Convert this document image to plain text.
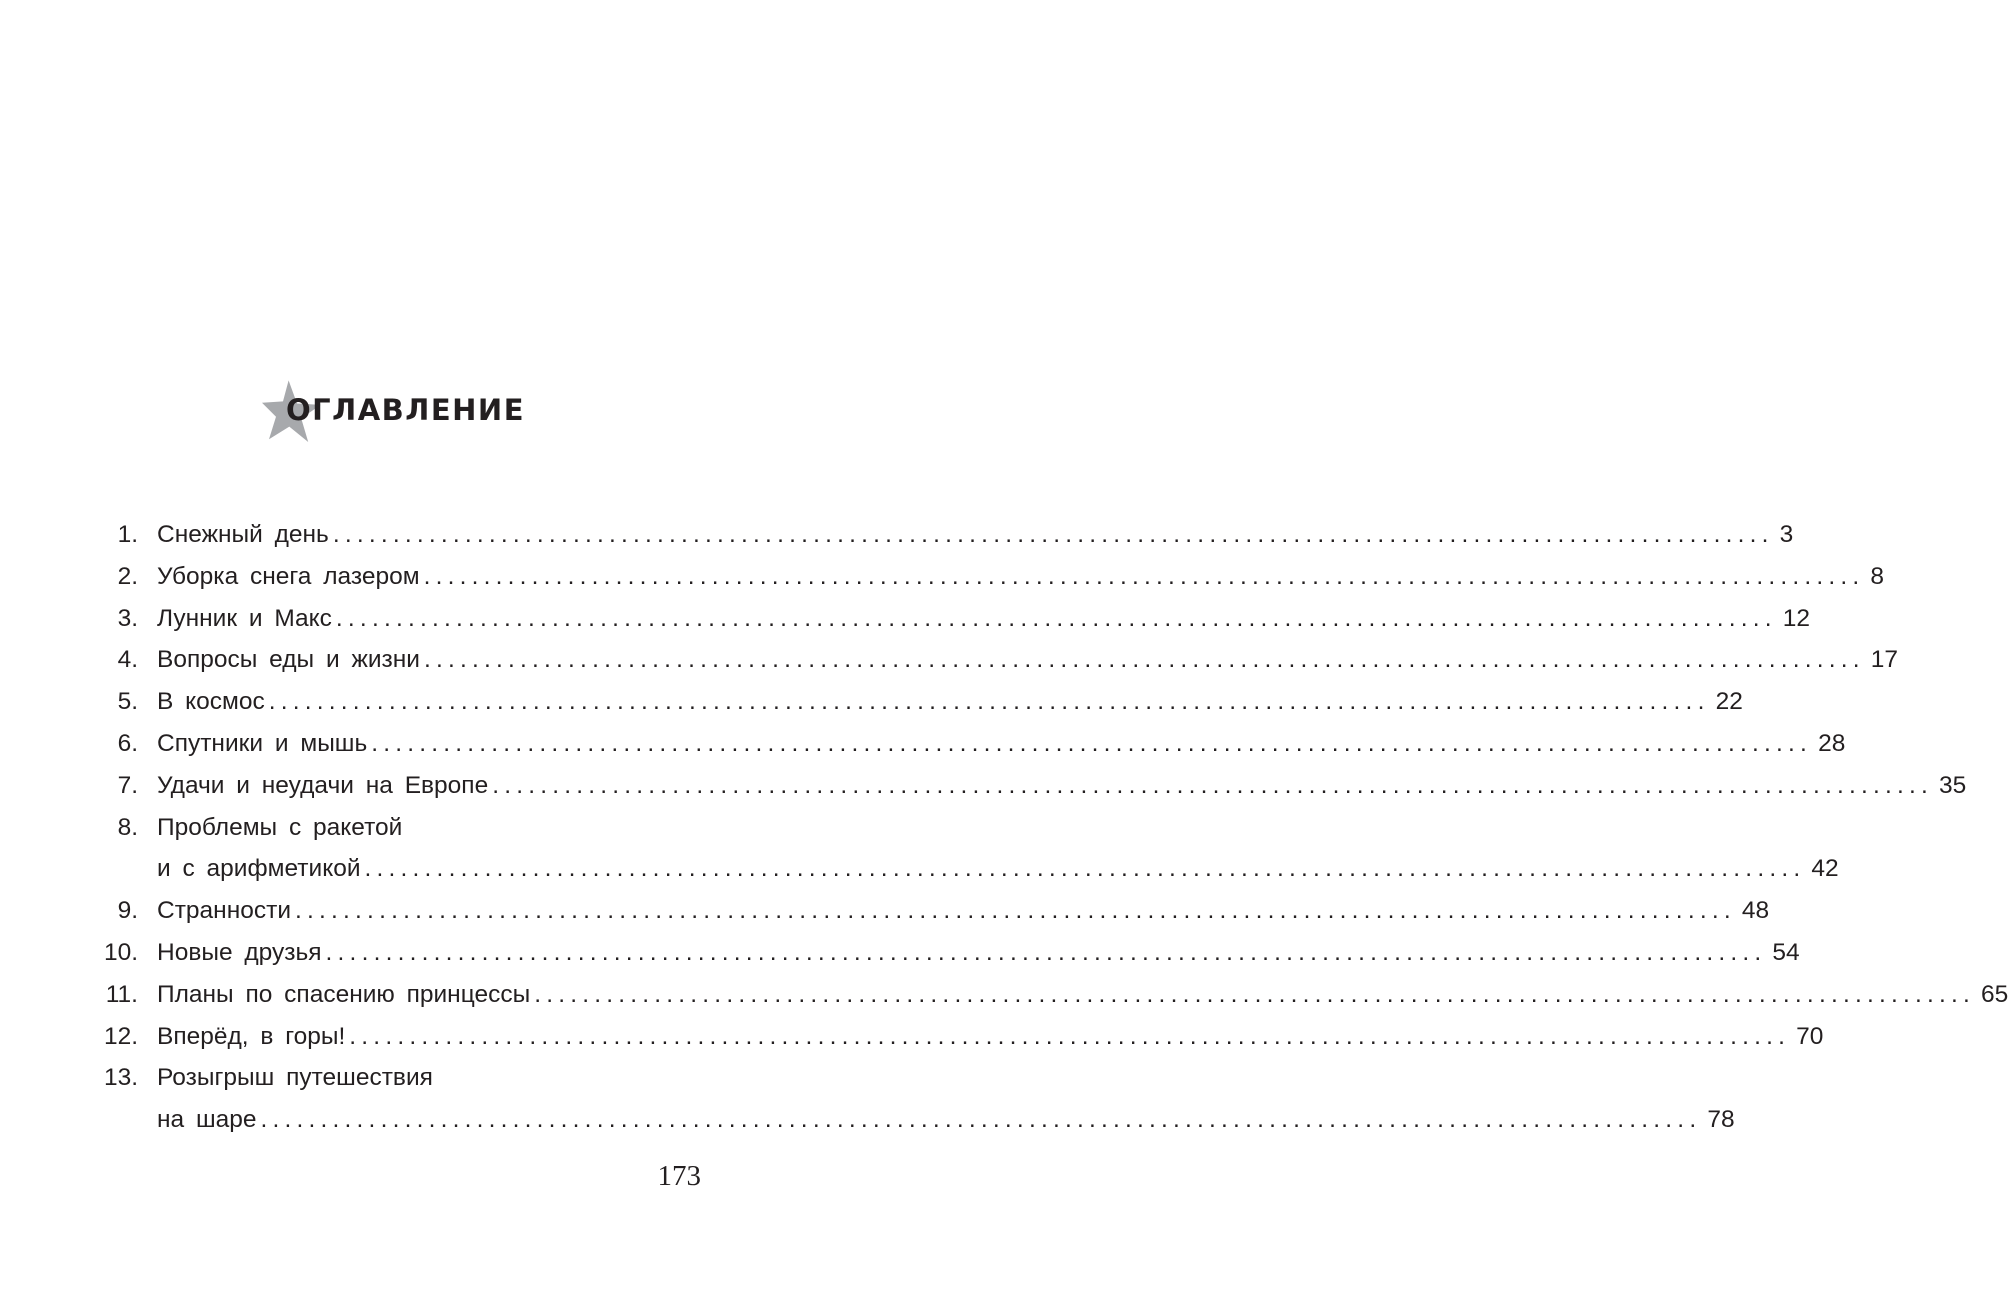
ОГЛАВЛЕНИЕ
1. Снежный день ........................................................................................................................ 3
2. Уборка снега лазером ........................................................................................................................ 8
3. Лунник и Макс ........................................................................................................................ 12
4. Вопросы еды и жизни ........................................................................................................................ 17
5. В космос ........................................................................................................................ 22
6. Спутники и мышь ........................................................................................................................ 28
7. Удачи и неудачи на Европе ........................................................................................................................ 35
8. Проблемы с ракетой
и с арифметикой ........................................................................................................................ 42
9. Странности ........................................................................................................................ 48
10. Новые друзья ........................................................................................................................ 54
11. Планы по спасению принцессы ........................................................................................................................ 65
12. Вперёд, в горы! ........................................................................................................................ 70
13. Розыгрыш путешествия
на шаре ........................................................................................................................ 78
173
